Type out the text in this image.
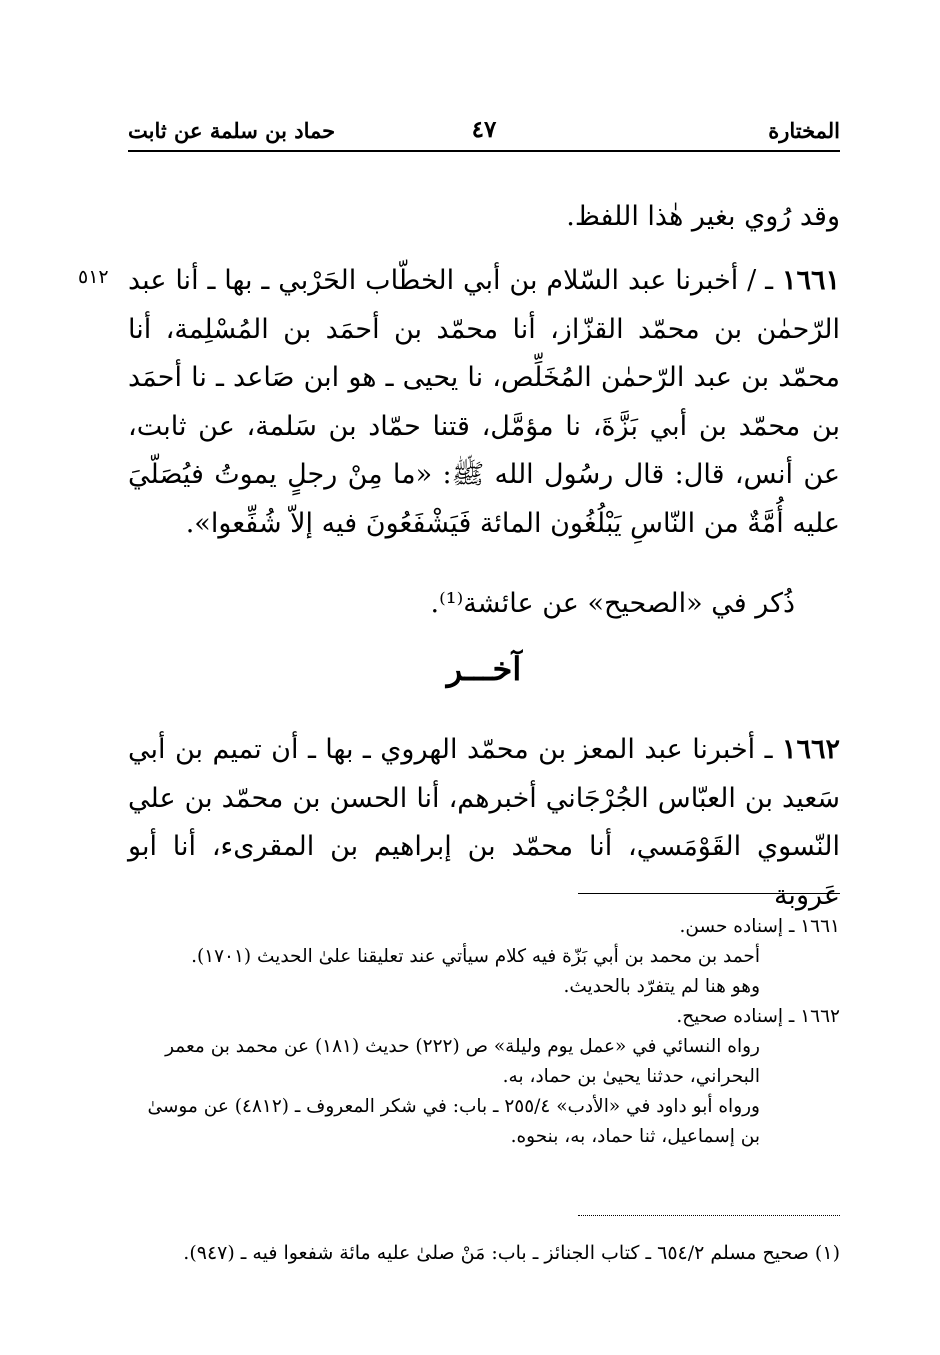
المختارة
٤٧
حماد بن سلمة عن ثابت

وقد رُوي بغير هٰذا اللفظ.

٥١٢	١٦٦١ ـ / أخبرنا عبد السّلام بن أبي الخطّاب الحَرْبي ـ بها ـ أنا عبد الرّحمٰن بن محمّد القزّاز، أنا محمّد بن أحمَد بن المُسْلِمة، أنا محمّد بن عبد الرّحمٰن المُخَلِّص، نا يحيى ـ هو ابن صَاعد ـ نا أحمَد بن محمّد بن أبي بَزَّةَ، نا مؤمَّل، قتنا حمّاد بن سَلمة، عن ثابت، عن أنس، قال: قال رسُول الله ﷺ: «ما مِنْ رجلٍ يموتُ فيُصَلّيَ عليه أُمَّةٌ من النّاسِ يَبْلُغُون المائة فَيَشْفَعُونَ فيه إلاّ شُفِّعوا».

ذُكر في «الصحيح» عن عائشة⁽¹⁾.

آخـــر

١٦٦٢ ـ أخبرنا عبد المعز بن محمّد الهروي ـ بها ـ أن تميم بن أبي سَعيد بن العبّاس الجُرْجَاني أخبرهم، أنا الحسن بن محمّد بن علي النّسوي القَوْمَسي، أنا محمّد بن إبراهيم بن المقرىء، أنا أبو عَروبة

١٦٦١ ـ إسناده حسن.

أحمد بن محمد بن أبي بَزّة فيه كلام سيأتي عند تعليقنا علىٰ الحديث (١٧٠١).

وهو هنا لم يتفرّد بالحديث.

١٦٦٢ ـ إسناده صحيح.

رواه النسائي في «عمل يوم وليلة» ص (٢٢٢) حديث (١٨١) عن محمد بن معمر البحراني، حدثنا يحيىٰ بن حماد، به.

ورواه أبو داود في «الأدب» ٢٥٥/٤ ـ باب: في شكر المعروف ـ (٤٨١٢) عن موسىٰ بن إسماعيل، ثنا حماد، به، بنحوه.

(١) صحيح مسلم ٦٥٤/٢ ـ كتاب الجنائز ـ باب: مَنْ صلىٰ عليه مائة شفعوا فيه ـ (٩٤٧).
